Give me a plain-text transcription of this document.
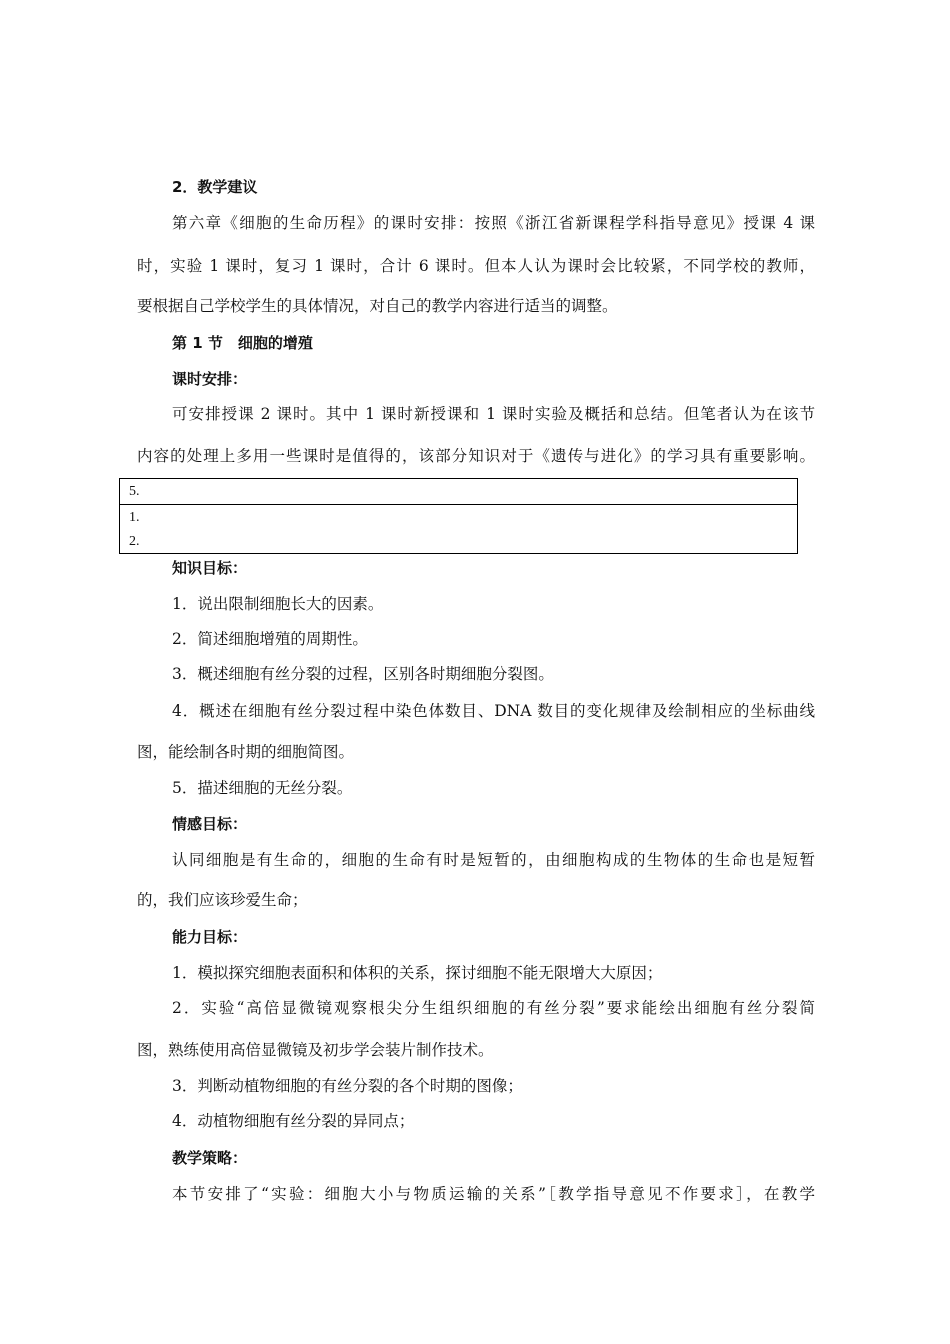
2．教学建议
第六章《细胞的生命历程》的课时安排：按照《浙江省新课程学科指导意见》授课 4 课
时，实验 1 课时，复习 1 课时，合计 6 课时。但本人认为课时会比较紧，不同学校的教师，
要根据自己学校学生的具体情况，对自己的教学内容进行适当的调整。
第 1 节　细胞的增殖
课时安排：
可安排授课 2 课时。其中 1 课时新授课和 1 课时实验及概括和总结。但笔者认为在该节
内容的处理上多用一些课时是值得的，该部分知识对于《遗传与进化》的学习具有重要影响。
5.
1.
2.
知识目标：
1．说出限制细胞长大的因素。
2．简述细胞增殖的周期性。
3．概述细胞有丝分裂的过程，区别各时期细胞分裂图。
4．概述在细胞有丝分裂过程中染色体数目、DNA 数目的变化规律及绘制相应的坐标曲线
图，能绘制各时期的细胞简图。
5．描述细胞的无丝分裂。
情感目标：
认同细胞是有生命的，细胞的生命有时是短暂的，由细胞构成的生物体的生命也是短暂
的，我们应该珍爱生命；
能力目标：
1．模拟探究细胞表面积和体积的关系，探讨细胞不能无限增大大原因；
2．实验“高倍显微镜观察根尖分生组织细胞的有丝分裂”要求能绘出细胞有丝分裂简
图，熟练使用高倍显微镜及初步学会装片制作技术。
3．判断动植物细胞的有丝分裂的各个时期的图像；
4．动植物细胞有丝分裂的异同点；
教学策略：
本节安排了“实验：细胞大小与物质运输的关系”［教学指导意见不作要求］，在教学
